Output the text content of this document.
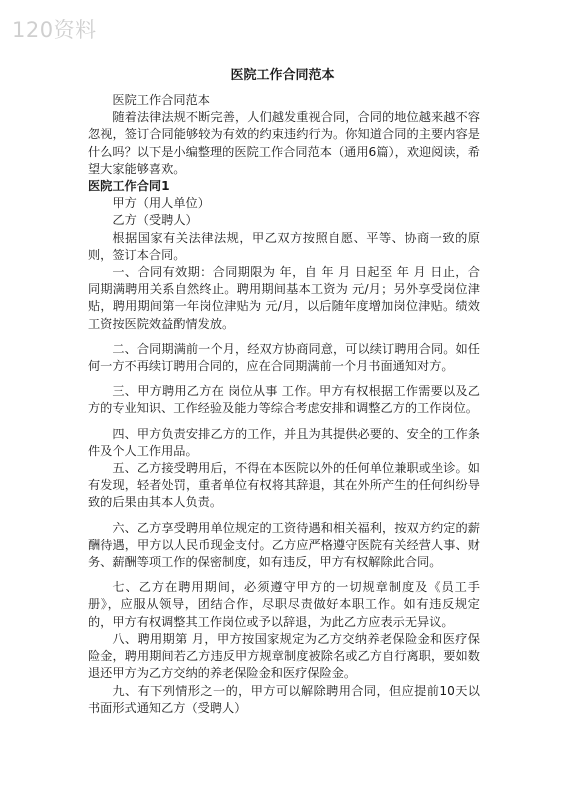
120资料
医院工作合同范本

医院工作合同范本

随着法律法规不断完善，人们越发重视合同，合同的地位越来越不容忽视，签订合同能够较为有效的约束违约行为。你知道合同的主要内容是什么吗？以下是小编整理的医院工作合同范本（通用6篇），欢迎阅读，希望大家能够喜欢。

医院工作合同1

甲方（用人单位）

乙方（受聘人）

根据国家有关法律法规，甲乙双方按照自愿、平等、协商一致的原则，签订本合同。

一、合同有效期：合同期限为 年，自 年 月 日起至 年 月 日止，合同期满聘用关系自然终止。聘用期间基本工资为 元/月；另外享受岗位津贴，聘用期间第一年岗位津贴为 元/月，以后随年度增加岗位津贴。绩效工资按医院效益酌情发放。

二、合同期满前一个月，经双方协商同意，可以续订聘用合同。如任何一方不再续订聘用合同的，应在合同期满前一个月书面通知对方。

三、甲方聘用乙方在 岗位从事 工作。甲方有权根据工作需要以及乙方的专业知识、工作经验及能力等综合考虑安排和调整乙方的工作岗位。

四、甲方负责安排乙方的工作，并且为其提供必要的、安全的工作条件及个人工作用品。

五、乙方接受聘用后，不得在本医院以外的任何单位兼职或坐诊。如有发现，轻者处罚，重者单位有权将其辞退，其在外所产生的任何纠纷导致的后果由其本人负责。

六、乙方享受聘用单位规定的工资待遇和相关福利，按双方约定的薪酬待遇，甲方以人民币现金支付。乙方应严格遵守医院有关经营人事、财务、薪酬等项工作的保密制度，如有违反，甲方有权解除此合同。

七、乙方在聘用期间，必须遵守甲方的一切规章制度及《员工手册》，应服从领导，团结合作，尽职尽责做好本职工作。如有违反规定的，甲方有权调整其工作岗位或予以辞退，为此乙方应表示无异议。

八、聘用期第 月，甲方按国家规定为乙方交纳养老保险金和医疗保险金，聘用期间若乙方违反甲方规章制度被除名或乙方自行离职，要如数退还甲方为乙方交纳的养老保险金和医疗保险金。

九、有下列情形之一的，甲方可以解除聘用合同，但应提前10天以书面形式通知乙方（受聘人）
